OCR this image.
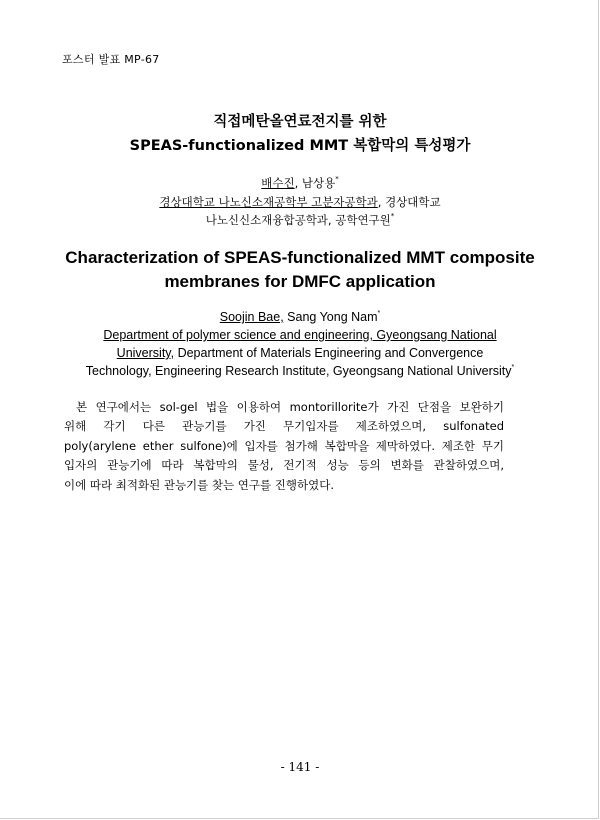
포스터 발표 MP-67
직접메탄올연료전지를 위한
SPEAS-functionalized MMT 복합막의 특성평가
배수진, 남상용*
경상대학교 나노신소재공학부 고분자공학과, 경상대학교
나노신신소재융합공학과, 공학연구원*
Characterization of SPEAS-functionalized MMT composite
membranes for DMFC application
Soojin Bae, Sang Yong Nam*
Department of polymer science and engineering, Gyeongsang National
University, Department of Materials Engineering and Convergence
Technology, Engineering Research Institute, Gyeongsang National University*
본 연구에서는 sol-gel 법을 이용하여 montorillorite가 가진 단점을 보완하기
위해 각기 다른 관능기를 가진 무기입자를 제조하였으며, sulfonated
poly(arylene ether sulfone)에 입자를 첨가해 복합막을 제막하였다. 제조한 무기
입자의 관능기에 따라 복합막의 물성, 전기적 성능 등의 변화를 관찰하였으며,
이에 따라 최적화된 관능기를 찾는 연구를 진행하였다.
- 141 -
